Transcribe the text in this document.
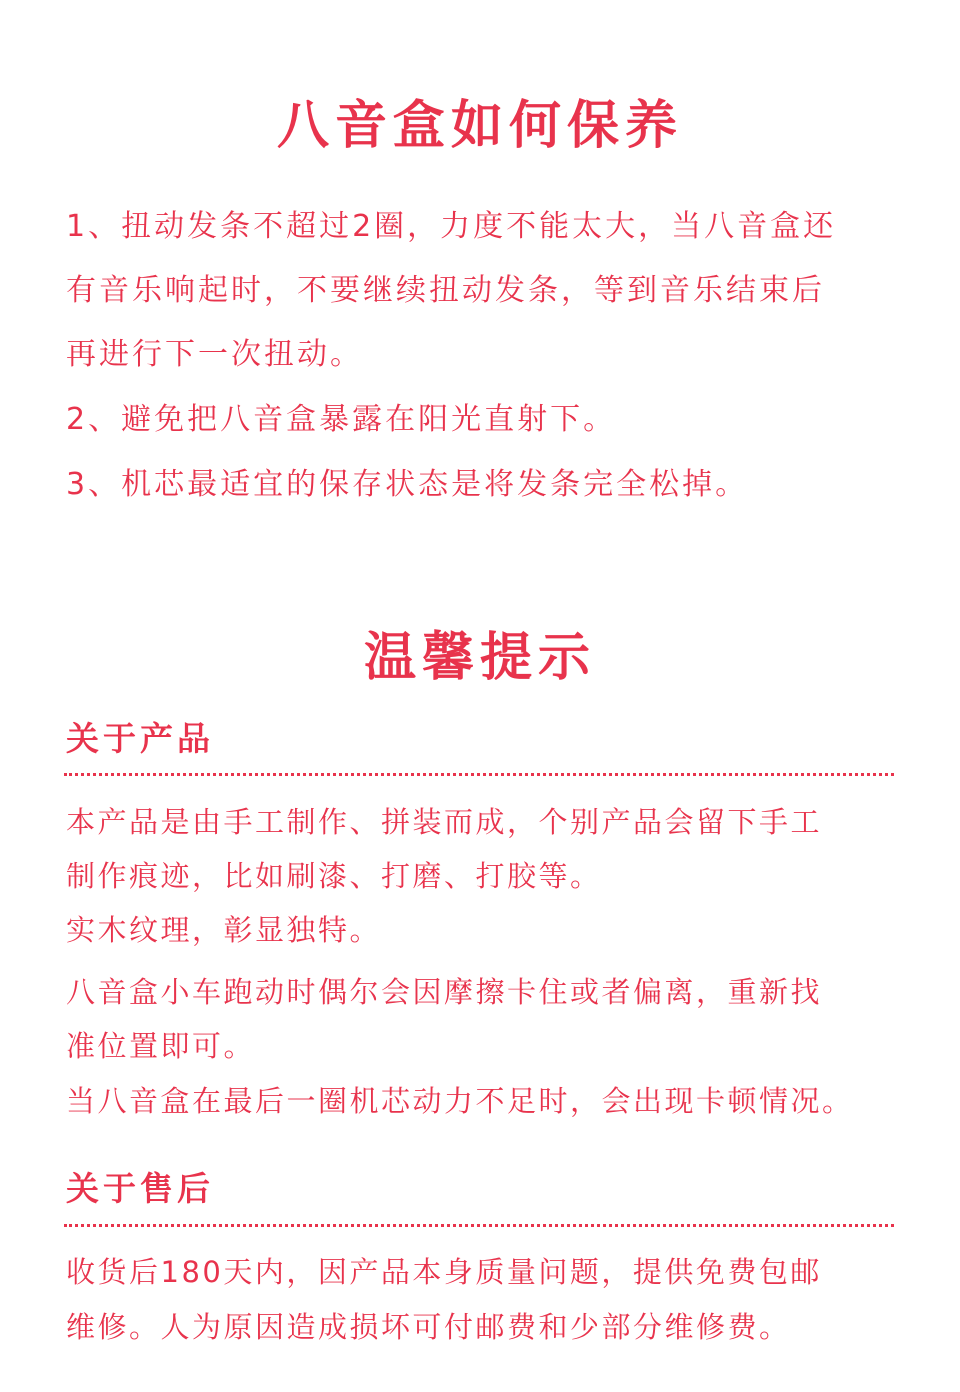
八音盒如何保养

1、扭动发条不超过2圈，力度不能太大，当八音盒还

有音乐响起时，不要继续扭动发条，等到音乐结束后

再进行下一次扭动。

2、避免把八音盒暴露在阳光直射下。

3、机芯最适宜的保存状态是将发条完全松掉。

温馨提示
关于产品

本产品是由手工制作、拼装而成，个别产品会留下手工

制作痕迹，比如刷漆、打磨、打胶等。

实木纹理，彰显独特。

八音盒小车跑动时偶尔会因摩擦卡住或者偏离，重新找

准位置即可。

当八音盒在最后一圈机芯动力不足时，会出现卡顿情况。

关于售后

收货后180天内，因产品本身质量问题，提供免费包邮

维修。人为原因造成损坏可付邮费和少部分维修费。
